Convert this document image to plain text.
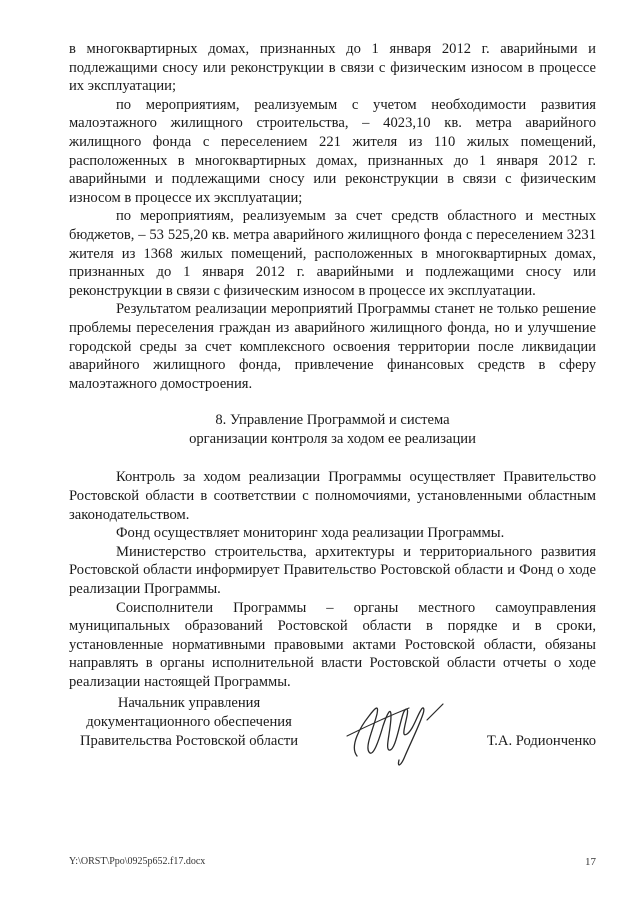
в многоквартирных домах, признанных до 1 января 2012 г. аварийными и подлежащими сносу или реконструкции в связи с физическим износом в процессе их эксплуатации;

по мероприятиям, реализуемым с учетом необходимости развития малоэтажного жилищного строительства, – 4023,10 кв. метра аварийного жилищного фонда с переселением 221 жителя из 110 жилых помещений, расположенных в многоквартирных домах, признанных до 1 января 2012 г. аварийными и подлежащими сносу или реконструкции в связи с физическим износом в процессе их эксплуатации;

по мероприятиям, реализуемым за счет средств областного и местных бюджетов, – 53 525,20 кв. метра аварийного жилищного фонда с переселением 3231 жителя из 1368 жилых помещений, расположенных в многоквартирных домах, признанных до 1 января 2012 г. аварийными и подлежащими сносу или реконструкции в связи с физическим износом в процессе их эксплуатации.

Результатом реализации мероприятий Программы станет не только решение проблемы переселения граждан из аварийного жилищного фонда, но и улучшение городской среды за счет комплексного освоения территории после ликвидации аварийного жилищного фонда, привлечение финансовых средств в сферу малоэтажного домостроения.

8. Управление Программой и система
организации контроля за ходом ее реализации

Контроль за ходом реализации Программы осуществляет Правительство Ростовской области в соответствии с полномочиями, установленными областным законодательством.

Фонд осуществляет мониторинг хода реализации Программы.

Министерство строительства, архитектуры и территориального развития Ростовской области информирует Правительство Ростовской области и Фонд о ходе реализации Программы.

Соисполнители Программы – органы местного самоуправления муниципальных образований Ростовской области в порядке и в сроки, установленные нормативными правовыми актами Ростовской области, обязаны направлять в органы исполнительной власти Ростовской области отчеты о ходе реализации настоящей Программы.

Начальник управления
документационного обеспечения
Правительства Ростовской области	Т.А. Родионченко
Y:\ORST\Ppo\0925p652.f17.docx	17
